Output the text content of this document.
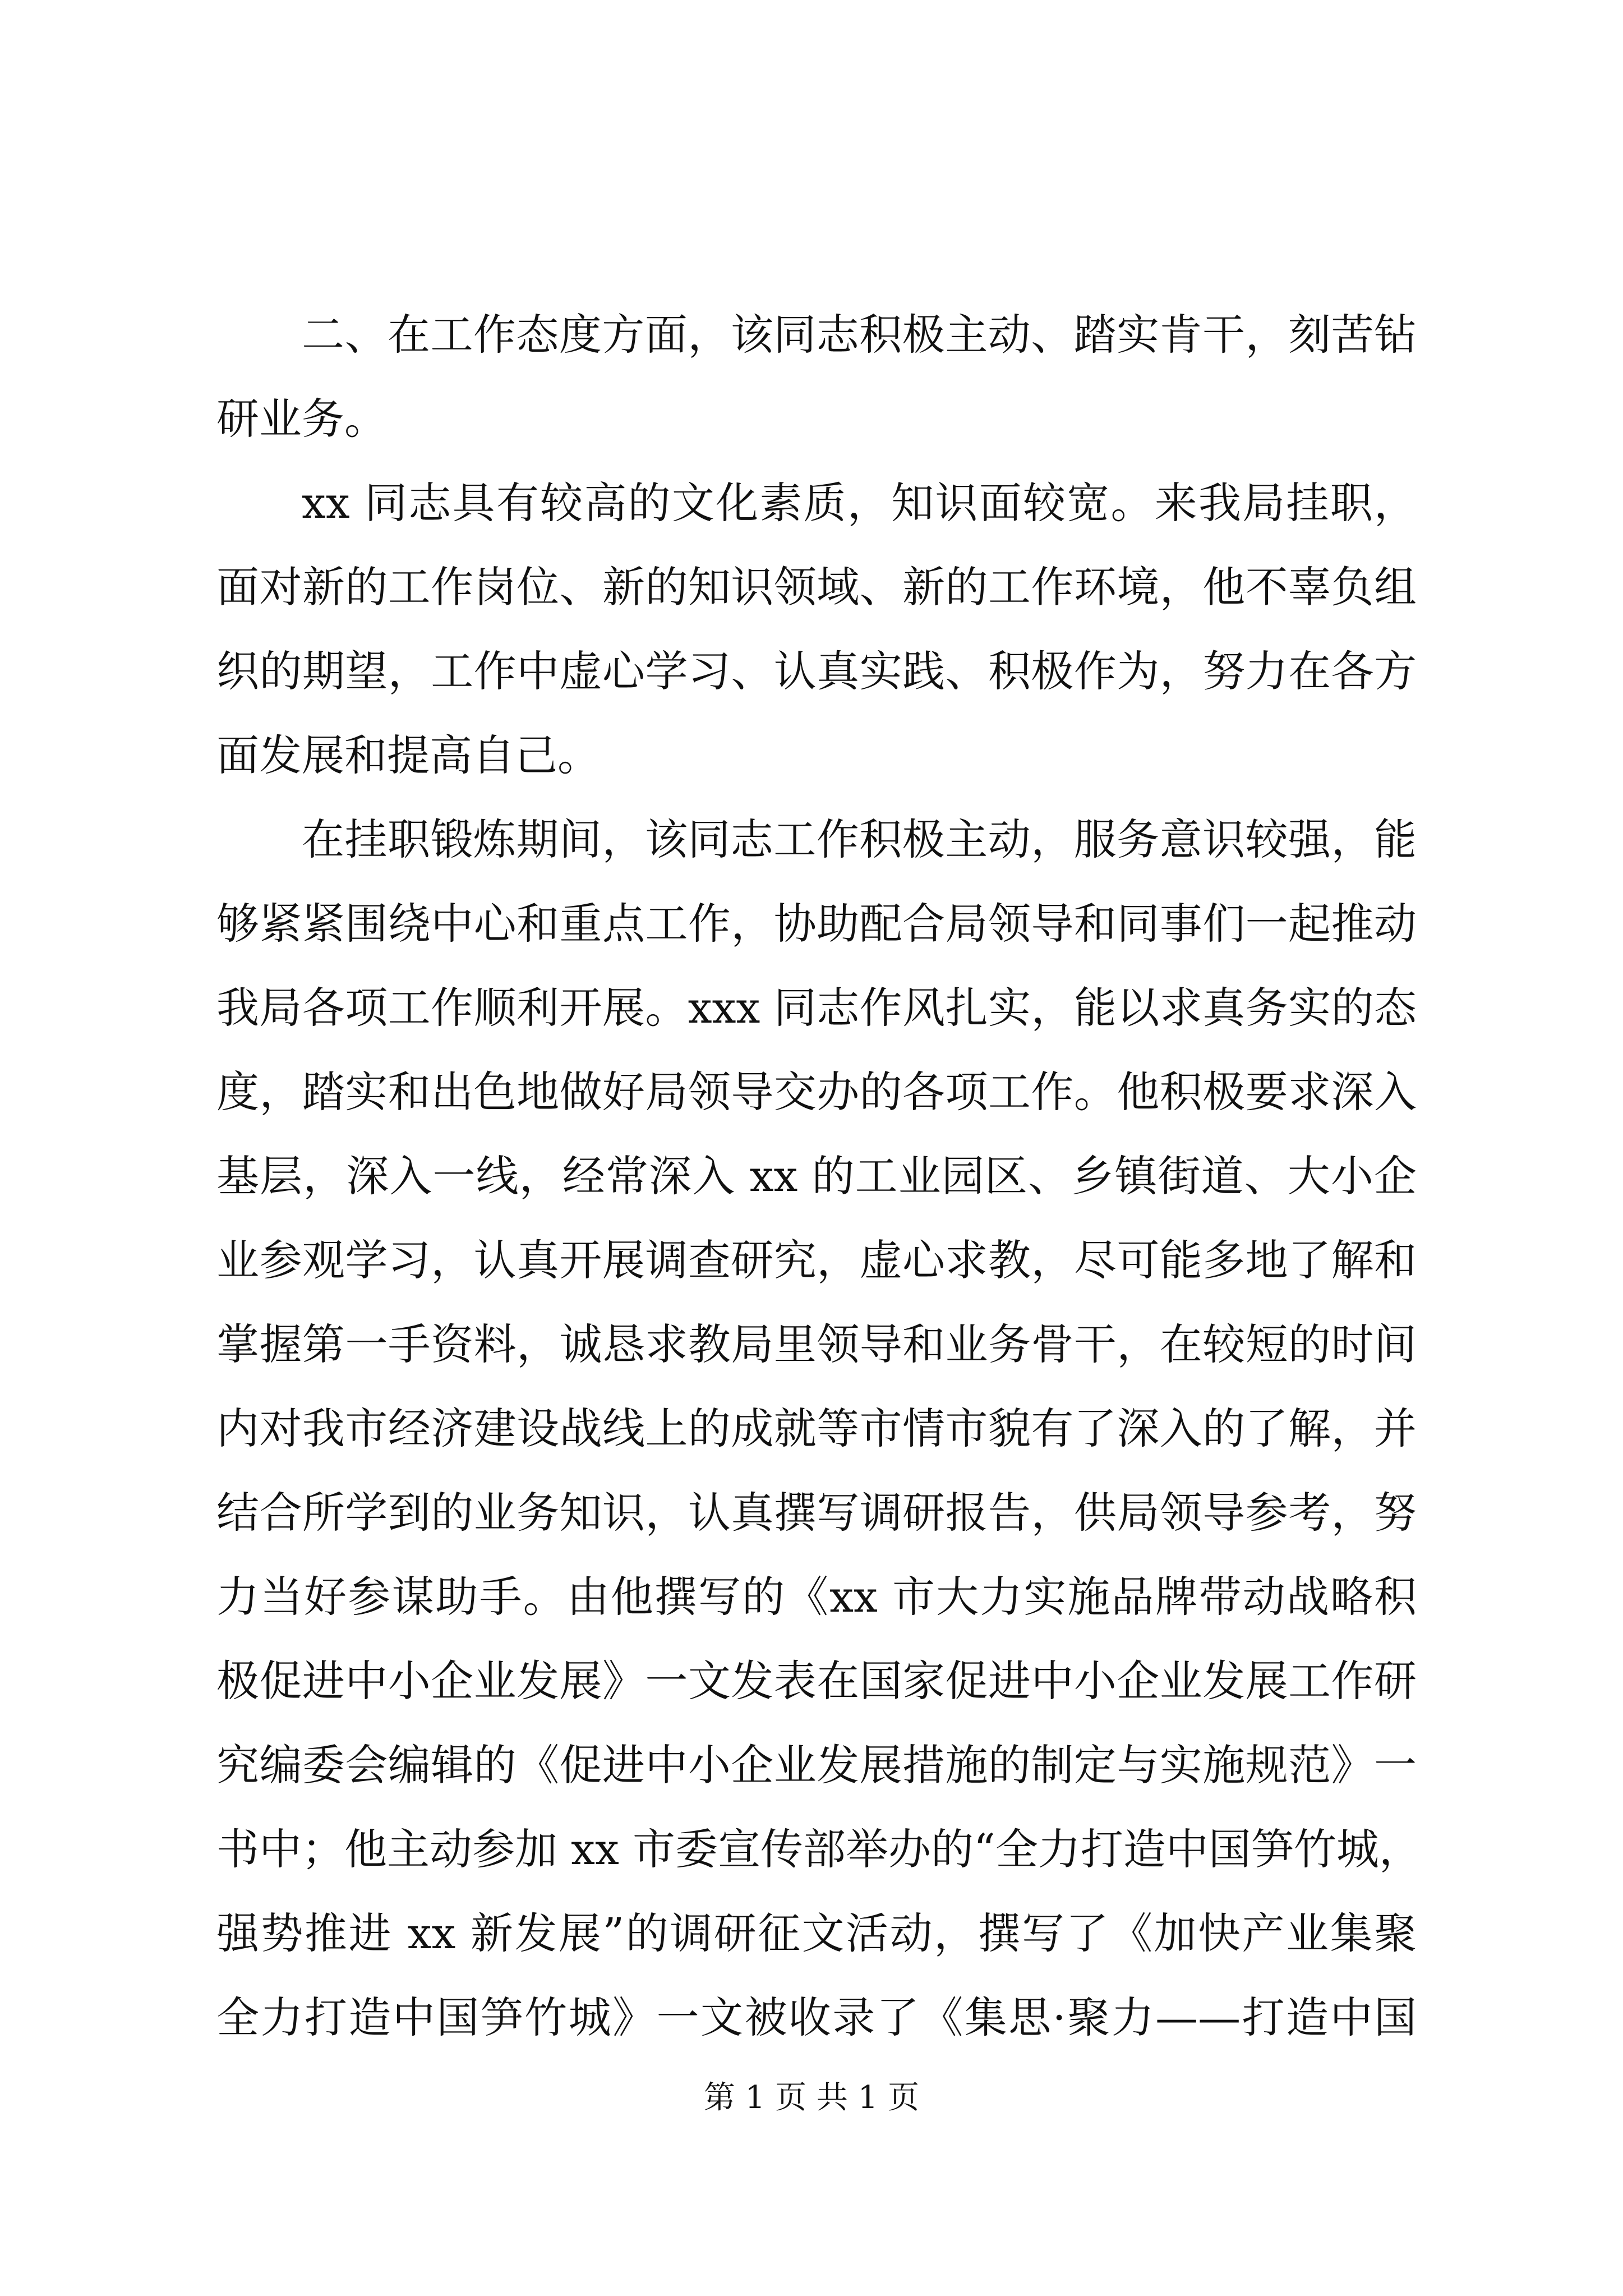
二、在工作态度方面，该同志积极主动、踏实肯干，刻苦钻
研业务。
xx 同志具有较高的文化素质，知识面较宽。来我局挂职，
面对新的工作岗位、新的知识领域、新的工作环境，他不辜负组
织的期望，工作中虚心学习、认真实践、积极作为，努力在各方
面发展和提高自己。
在挂职锻炼期间，该同志工作积极主动，服务意识较强，能
够紧紧围绕中心和重点工作，协助配合局领导和同事们一起推动
我局各项工作顺利开展。xxx 同志作风扎实，能以求真务实的态
度，踏实和出色地做好局领导交办的各项工作。他积极要求深入
基层，深入一线，经常深入 xx 的工业园区、乡镇街道、大小企
业参观学习，认真开展调查研究，虚心求教，尽可能多地了解和
掌握第一手资料，诚恳求教局里领导和业务骨干，在较短的时间
内对我市经济建设战线上的成就等市情市貌有了深入的了解，并
结合所学到的业务知识，认真撰写调研报告，供局领导参考，努
力当好参谋助手。由他撰写的《xx 市大力实施品牌带动战略积
极促进中小企业发展》一文发表在国家促进中小企业发展工作研
究编委会编辑的《促进中小企业发展措施的制定与实施规范》一
书中；他主动参加 xx 市委宣传部举办的“全力打造中国笋竹城，
强势推进 xx 新发展”的调研征文活动，撰写了《加快产业集聚
全力打造中国笋竹城》一文被收录了《集思·聚力——打造中国
第 1 页 共 1 页
